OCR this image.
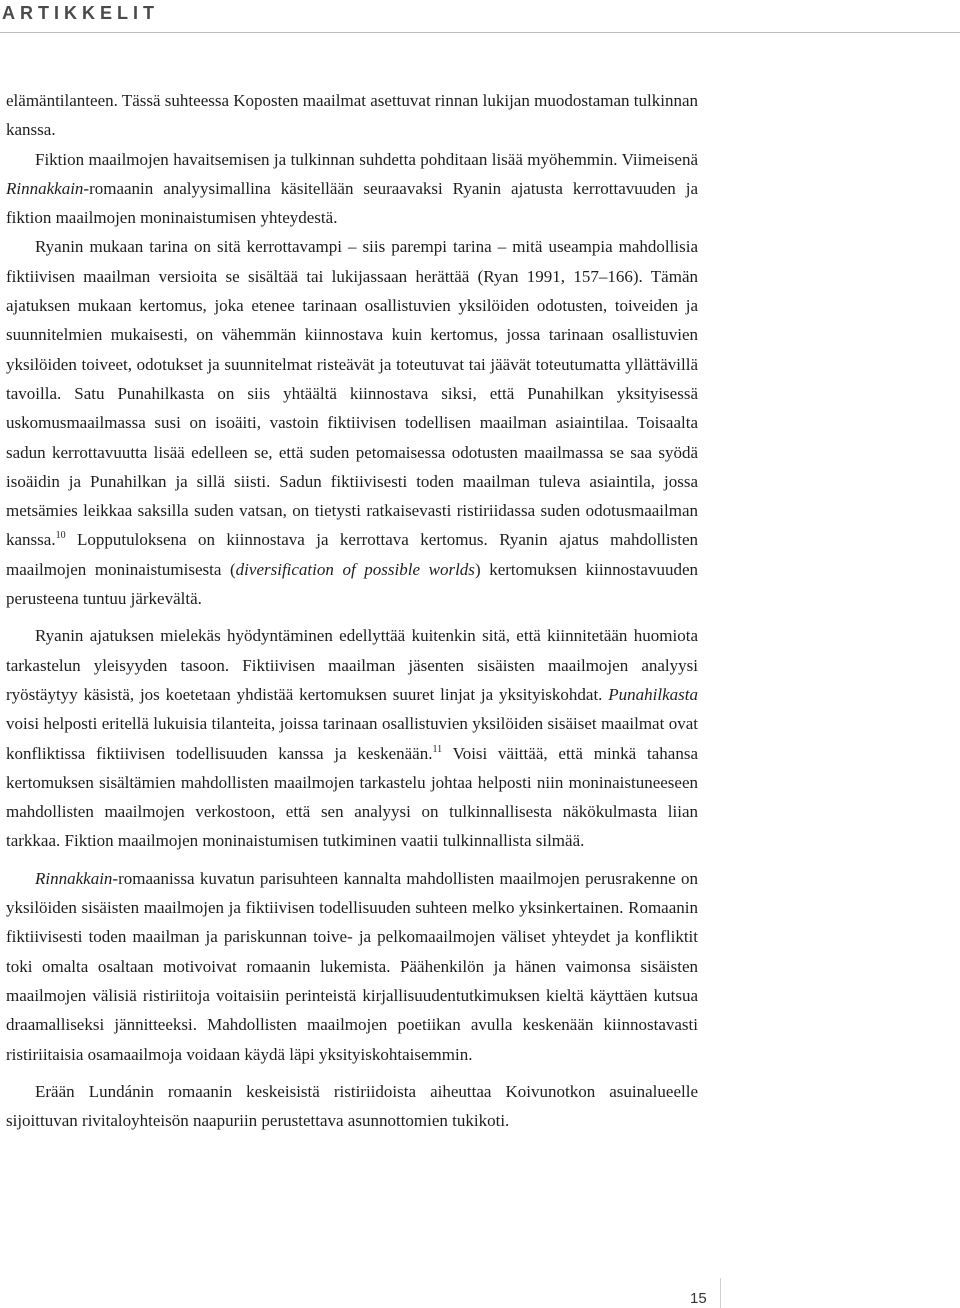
ARTIKKELIT

elämäntilanteen. Tässä suhteessa Koposten maailmat asettuvat rinnan lukijan muodostaman tulkinnan kanssa.

Fiktion maailmojen havaitsemisen ja tulkinnan suhdetta pohditaan lisää myöhemmin. Viimeisenä Rinnakkain-romaanin analyysimallina käsitellään seuraavaksi Ryanin ajatusta kerrottavuuden ja fiktion maailmojen moninaistumisen yhteydestä.

Ryanin mukaan tarina on sitä kerrottavampi – siis parempi tarina – mitä useampia mahdollisia fiktiivisen maailman versioita se sisältää tai lukijassaan herättää (Ryan 1991, 157–166). Tämän ajatuksen mukaan kertomus, joka etenee tarinaan osallistuvien yksilöiden odotusten, toiveiden ja suunnitelmien mukaisesti, on vähemmän kiinnostava kuin kertomus, jossa tarinaan osallistuvien yksilöiden toiveet, odotukset ja suunnitelmat risteävät ja toteutuvat tai jäävät toteutumatta yllättävillä tavoilla. Satu Punahilkasta on siis yhtäältä kiinnostava siksi, että Punahilkan yksityisessä uskomusmaailmassa susi on isoäiti, vastoin fiktiivisen todellisen maailman asiaintilaa. Toisaalta sadun kerrottavuutta lisää edelleen se, että suden petomaisessa odotusten maailmassa se saa syödä isoäidin ja Punahilkan ja sillä siisti. Sadun fiktiivisesti toden maailman tuleva asiaintila, jossa metsämies leikkaa saksilla suden vatsan, on tietysti ratkaisevasti ristiriidassa suden odotusmaailman kanssa.$^{10}$ Lopputuloksena on kiinnostava ja kerrottava kertomus. Ryanin ajatus mahdollisten maailmojen moninaistumisesta (diversification of possible worlds) kertomuksen kiinnostavuuden perusteena tuntuu järkevältä.

Ryanin ajatuksen mielekäs hyödyntäminen edellyttää kuitenkin sitä, että kiinnitetään huomiota tarkastelun yleisyyden tasoon. Fiktiivisen maailman jäsenten sisäisten maailmojen analyysi ryöstäytyy käsistä, jos koetetaan yhdistää kertomuksen suuret linjat ja yksityiskohdat. Punahilkasta voisi helposti eritellä lukuisia tilanteita, joissa tarinaan osallistuvien yksilöiden sisäiset maailmat ovat konfliktissa fiktiivisen todellisuuden kanssa ja keskenään.$^{11}$ Voisi väittää, että minkä tahansa kertomuksen sisältämien mahdollisten maailmojen tarkastelu johtaa helposti niin moninaistuneeseen mahdollisten maailmojen verkostoon, että sen analyysi on tulkinnallisesta näkökulmasta liian tarkkaa. Fiktion maailmojen moninaistumisen tutkiminen vaatii tulkinnallista silmää.

Rinnakkain-romaanissa kuvatun parisuhteen kannalta mahdollisten maailmojen perusrakenne on yksilöiden sisäisten maailmojen ja fiktiivisen todellisuuden suhteen melko yksinkertainen. Romaanin fiktiivisesti toden maailman ja pariskunnan toive- ja pelkomaailmojen väliset yhteydet ja konfliktit toki omalta osaltaan motivoivat romaanin lukemista. Päähenkilön ja hänen vaimonsa sisäisten maailmojen välisiä ristiriitoja voitaisiin perinteistä kirjallisuudentutkimuksen kieltä käyttäen kutsua draamalliseksi jännitteeksi. Mahdollisten maailmojen poetiikan avulla keskenään kiinnostavasti ristiriitaisia osamaailmoja voidaan käydä läpi yksityiskohtaisemmin.

Erään Lundánin romaanin keskeisistä ristiriidoista aiheuttaa Koivunotkon asuinalueelle sijoittuvan rivitaloyhteisön naapuriin perustettava asunnottomien tukikoti.

15
